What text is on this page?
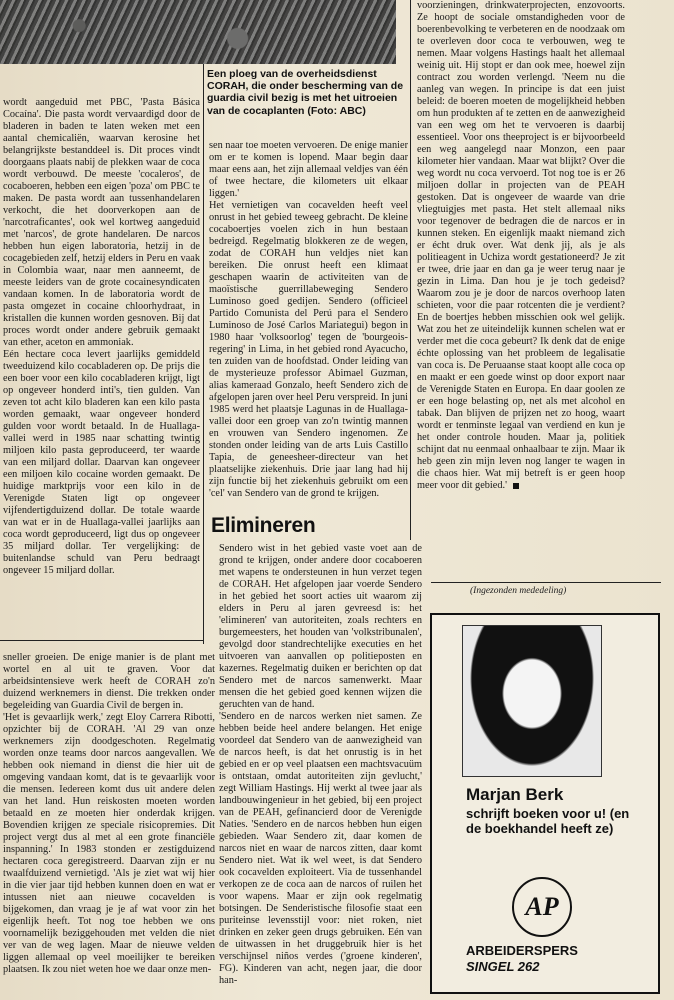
Een ploeg van de overheidsdienst CORAH, die onder bescherming van de guardia civil bezig is met het uitroeien van de cocaplanten (Foto: ABC)

wordt aangeduid met PBC, 'Pasta Básica Cocaína'. Die pasta wordt vervaardigd door de bladeren in baden te laten weken met een aantal chemicaliën, waarvan kerosine het belangrijkste bestanddeel is. Dit proces vindt doorgaans plaats nabij de plekken waar de coca wordt verbouwd. De meeste 'cocaleros', de cocaboeren, hebben een eigen 'poza' om PBC te maken. De pasta wordt aan tussenhandelaren verkocht, die het doorverkopen aan de 'narcotraficantes', ook wel kortweg aangeduid met 'narcos', de grote handelaren. De narcos hebben hun eigen laboratoria, hetzij in de cocagebieden zelf, hetzij elders in Peru en vaak in Colombia waar, naar men aanneemt, de meeste leiders van de grote cocainesyndicaten vandaan komen. In de laboratoria wordt de pasta omgezet in cocaine chloorhydraat, in kristallen die kunnen worden gesnoven. Bij dat proces wordt onder andere gebruik gemaakt van ether, aceton en ammoniak.

Eén hectare coca levert jaarlijks gemiddeld tweeduizend kilo cocabladeren op. De prijs die een boer voor een kilo cocabladeren krijgt, ligt op ongeveer honderd inti's, tien gulden. Van zeven tot acht kilo bladeren kan een kilo pasta worden gemaakt, waar ongeveer honderd gulden voor wordt betaald. In de Huallaga-vallei werd in 1985 naar schatting twintig miljoen kilo pasta geproduceerd, ter waarde van een miljard dollar. Daarvan kan ongeveer een miljoen kilo cocaine worden gemaakt. De huidige marktprijs voor een kilo in de Verenigde Staten ligt op ongeveer vijfendertigduizend dollar. De totale waarde van wat er in de Huallaga-vallei jaarlijks aan coca wordt geproduceerd, ligt dus op ongeveer 35 miljard dollar. Ter vergelijking: de buitenlandse schuld van Peru bedraagt ongeveer 15 miljard dollar.

sneller groeien. De enige manier is de plant met wortel en al uit te graven. Voor dat arbeidsintensieve werk heeft de CORAH zo'n duizend werknemers in dienst. Die trekken onder begeleiding van Guardia Civil de bergen in.

'Het is gevaarlijk werk,' zegt Eloy Carrera Ribotti, opzichter bij de CORAH. 'Al 29 van onze werknemers zijn doodgeschoten. Regelmatig worden onze teams door narcos aangevallen. We hebben ook niemand in dienst die hier uit de omgeving vandaan komt, dat is te gevaarlijk voor die mensen. Iedereen komt dus uit andere delen van het land. Hun reiskosten moeten worden betaald en ze moeten hier onderdak krijgen. Bovendien krijgen ze speciale risicopremies. Dit project vergt dus al met al een grote financiële inspanning.' In 1983 stonden er zestigduizend hectaren coca geregistreerd. Daarvan zijn er nu twaalfduizend vernietigd. 'Als je ziet wat wij hier in die vier jaar tijd hebben kunnen doen en wat er intussen niet aan nieuwe cocavelden is bijgekomen, dan vraag je je af wat voor zin het eigenlijk heeft. Tot nog toe hebben we ons voornamelijk beziggehouden met velden die niet ver van de weg lagen. Maar de nieuwe velden liggen allemaal op veel moeilijker te bereiken plaatsen. Ik zou niet weten hoe we daar onze men-

sen naar toe moeten vervoeren. De enige manier om er te komen is lopend. Maar begin daar maar eens aan, het zijn allemaal veldjes van één of twee hectare, die kilometers uit elkaar liggen.'

Het vernietigen van cocavelden heeft veel onrust in het gebied teweeg gebracht. De kleine cocaboertjes voelen zich in hun bestaan bedreigd. Regelmatig blokkeren ze de wegen, zodat de CORAH hun veldjes niet kan bereiken. Die onrust heeft een klimaat geschapen waarin de activiteiten van de maoïstische guerrillabeweging Sendero Luminoso goed gedijen. Sendero (officieel Partido Comunista del Perú para el Sendero Luminoso de José Carlos Mariategui) begon in 1980 haar 'volksoorlog' tegen de 'bourgeois-regering' in Lima, in het gebied rond Ayacucho, ten zuiden van de hoofdstad. Onder leiding van de mysterieuze professor Abimael Guzman, alias kameraad Gonzalo, heeft Sendero zich de afgelopen jaren over heel Peru verspreid. In juni 1985 werd het plaatsje Lagunas in de Huallaga-vallei door een groep van zo'n twintig mannen en vrouwen van Sendero ingenomen. Ze stonden onder leiding van de arts Luis Castillo Tapia, de geneesheer-directeur van het plaatselijke ziekenhuis. Drie jaar lang had hij zijn functie bij het ziekenhuis gebruikt om een 'cel' van Sendero van de grond te krijgen.

Elimineren

Sendero wist in het gebied vaste voet aan de grond te krijgen, onder andere door cocaboeren met wapens te ondersteunen in hun verzet tegen de CORAH. Het afgelopen jaar voerde Sendero in het gebied het soort acties uit waarom zij elders in Peru al jaren gevreesd is: het 'elimineren' van autoriteiten, zoals rechters en burgemeesters, het houden van 'volkstribunalen', gevolgd door standrechtelijke executies en het uitvoeren van aanvallen op politieposten en kazernes. Regelmatig duiken er berichten op dat Sendero met de narcos samenwerkt. Maar mensen die het gebied goed kennen wijzen die geruchten van de hand.

'Sendero en de narcos werken niet samen. Ze hebben beide heel andere belangen. Het enige voordeel dat Sendero van de aanwezigheid van de narcos heeft, is dat het onrustig is in het gebied en er op veel plaatsen een machtsvacuüm is ontstaan, omdat autoriteiten zijn gevlucht,' zegt William Hastings. Hij werkt al twee jaar als landbouwingenieur in het gebied, bij een project van de PEAH, gefinancierd door de Verenigde Naties. 'Sendero en de narcos hebben hun eigen gebieden. Waar Sendero zit, daar komen de narcos niet en waar de narcos zitten, daar komt Sendero niet. Wat ik wel weet, is dat Sendero ook cocavelden exploiteert. Via de tussenhandel verkopen ze de coca aan de narcos of ruilen het voor wapens. Maar er zijn ook regelmatig botsingen. De Senderistische filosofie staat een puriteinse levensstijl voor: niet roken, niet drinken en zeker geen drugs gebruiken. Eén van de uitwassen in het druggebruik hier is het verschijnsel niños verdes ('groene kinderen', FG). Kinderen van acht, negen jaar, die door han-

voorzieningen, drinkwaterprojecten, enzovoorts. Ze hoopt de sociale omstandigheden voor de boerenbevolking te verbeteren en de noodzaak om te overleven door coca te verbouwen, weg te nemen. Maar volgens Hastings haalt het allemaal weinig uit. Hij stopt er dan ook mee, hoewel zijn contract zou worden verlengd. 'Neem nu die aanleg van wegen. In principe is dat een juist beleid: de boeren moeten de mogelijkheid hebben om hun produkten af te zetten en de aanwezigheid van een weg om het te vervoeren is daarbij essentieel. Voor ons theeproject is er bijvoorbeeld een weg aangelegd naar Monzon, een paar kilometer hier vandaan. Maar wat blijkt? Over die weg wordt nu coca vervoerd. Tot nog toe is er 26 miljoen dollar in projecten van de PEAH gestoken. Dat is ongeveer de waarde van drie vliegtuigjes met pasta. Het stelt allemaal niks voor tegenover de bedragen die de narcos er in kunnen steken. En eigenlijk maakt niemand zich er écht druk over. Wat denk jij, als je als politieagent in Uchiza wordt gestationeerd? Je zit er twee, drie jaar en dan ga je weer terug naar je gezin in Lima. Dan hou je je toch gedeisd? Waarom zou je je door de narcos overhoop laten schieten, voor die paar rotcenten die je verdient? En de boertjes hebben misschien ook wel gelijk. Wat zou het ze uiteindelijk kunnen schelen wat er verder met die coca gebeurt? Ik denk dat de enige échte oplossing van het probleem de legalisatie van coca is. De Peruaanse staat koopt alle coca op en maakt er een goede winst op door export naar de Verenigde Staten en Europa. En daar goolen ze er een hoge belasting op, net als met alcohol en tabak. Dan blijven de prijzen net zo hoog, waart wordt er tenminste legaal van verdiend en kun je het onder controle houden. Maar ja, politiek schijnt dat nu eenmaal onhaalbaar te zijn. Maar ik heb geen zin mijn leven nog langer te wagen in die chaos hier. Wat mij betreft is er geen hoop meer voor dit gebied.'

(Ingezonden mededeling)
Marjan Berk
schrijft boeken voor u! (en de boekhandel heeft ze)
AP
ARBEIDERSPERS
SINGEL 262
